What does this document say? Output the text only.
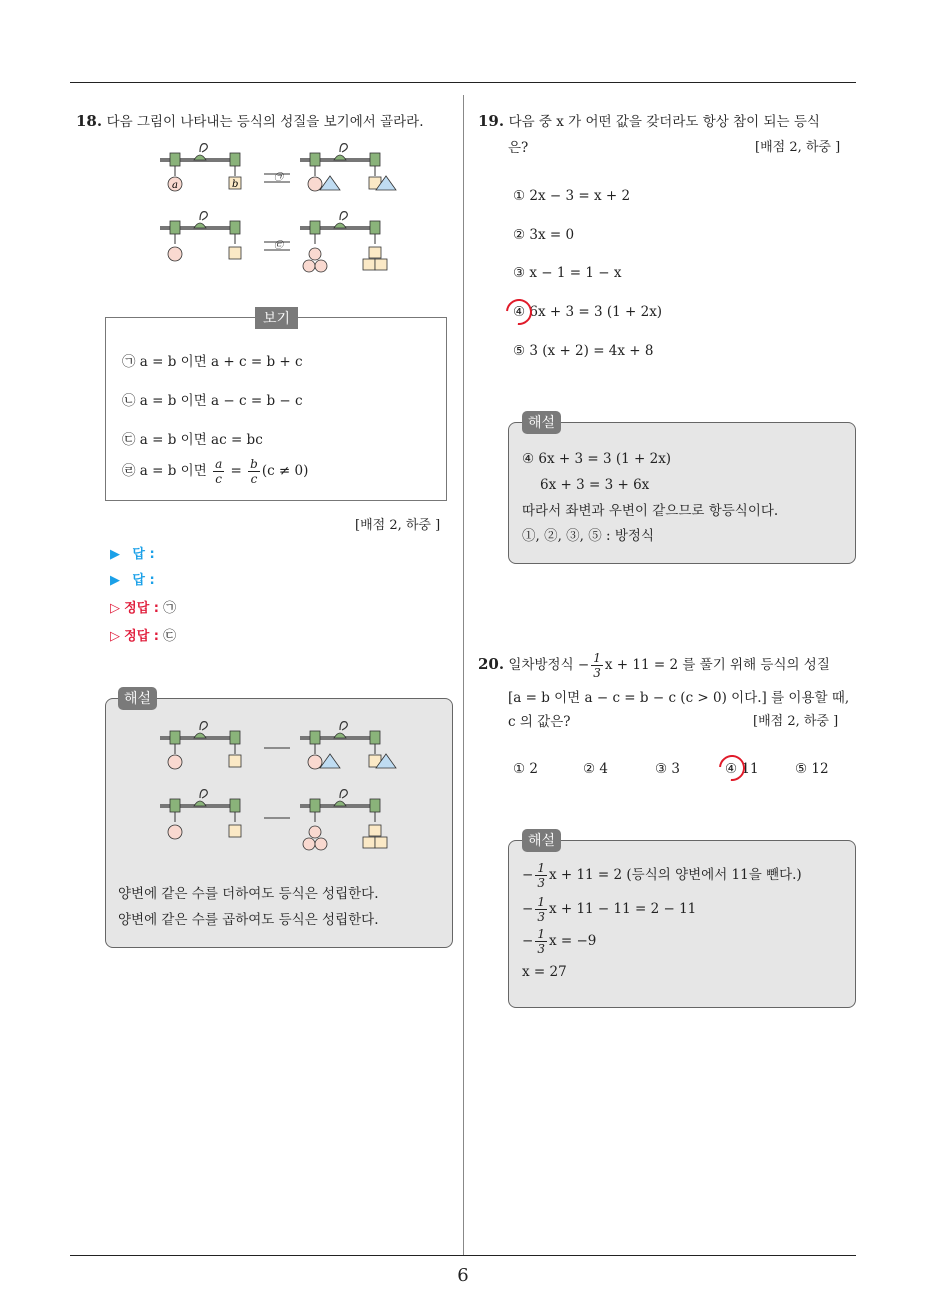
6
18. 다음 그림이 나타내는 등식의 성질을 보기에서 골라라.
a	b
㉠
㉢
보기
㉠ a = b 이면 a + c = b + c
㉡ a = b 이면 a − c = b − c
㉢ a = b 이면 ac = bc
㉣ a = b 이면 $\frac{a}{c} = \frac{b}{c} (c \ne 0)$
[배점 2, 하중 ]
▶ 답 :
▶ 답 :
▷ 정답 : ㉠
▷ 정답 : ㉢
해설
양변에 같은 수를 더하여도 등식은 성립한다.
양변에 같은 수를 곱하여도 등식은 성립한다.
19. 다음 중 x 가 어떤 값을 갖더라도 항상 참이 되는 등식
은?	[배점 2, 하중 ]
① 2x − 3 = x + 2
② 3x = 0
③ x − 1 = 1 − x
④ 6x + 3 = 3 (1 + 2x)
⑤ 3 (x + 2) = 4x + 8
해설
④ 6x + 3 = 3 (1 + 2x)
6x + 3 = 3 + 6x
따라서 좌변과 우변이 같으므로 항등식이다.
①, ②, ③, ⑤ : 방정식
20. 일차방정식 − $\frac{1}{3}$ x + 11 = 2 를 풀기 위해 등식의 성질
[a = b 이면 a − c = b − c (c > 0) 이다.] 를 이용할 때,
c 의 값은?	[배점 2, 하중 ]
① 2	② 4	③ 3	④ 11	⑤ 12
해설
− $\frac{1}{3}$ x + 11 = 2 (등식의 양변에서 11을 뺀다.)
− $\frac{1}{3}$ x + 11 − 11 = 2 − 11
− $\frac{1}{3}$ x = −9
x = 27
